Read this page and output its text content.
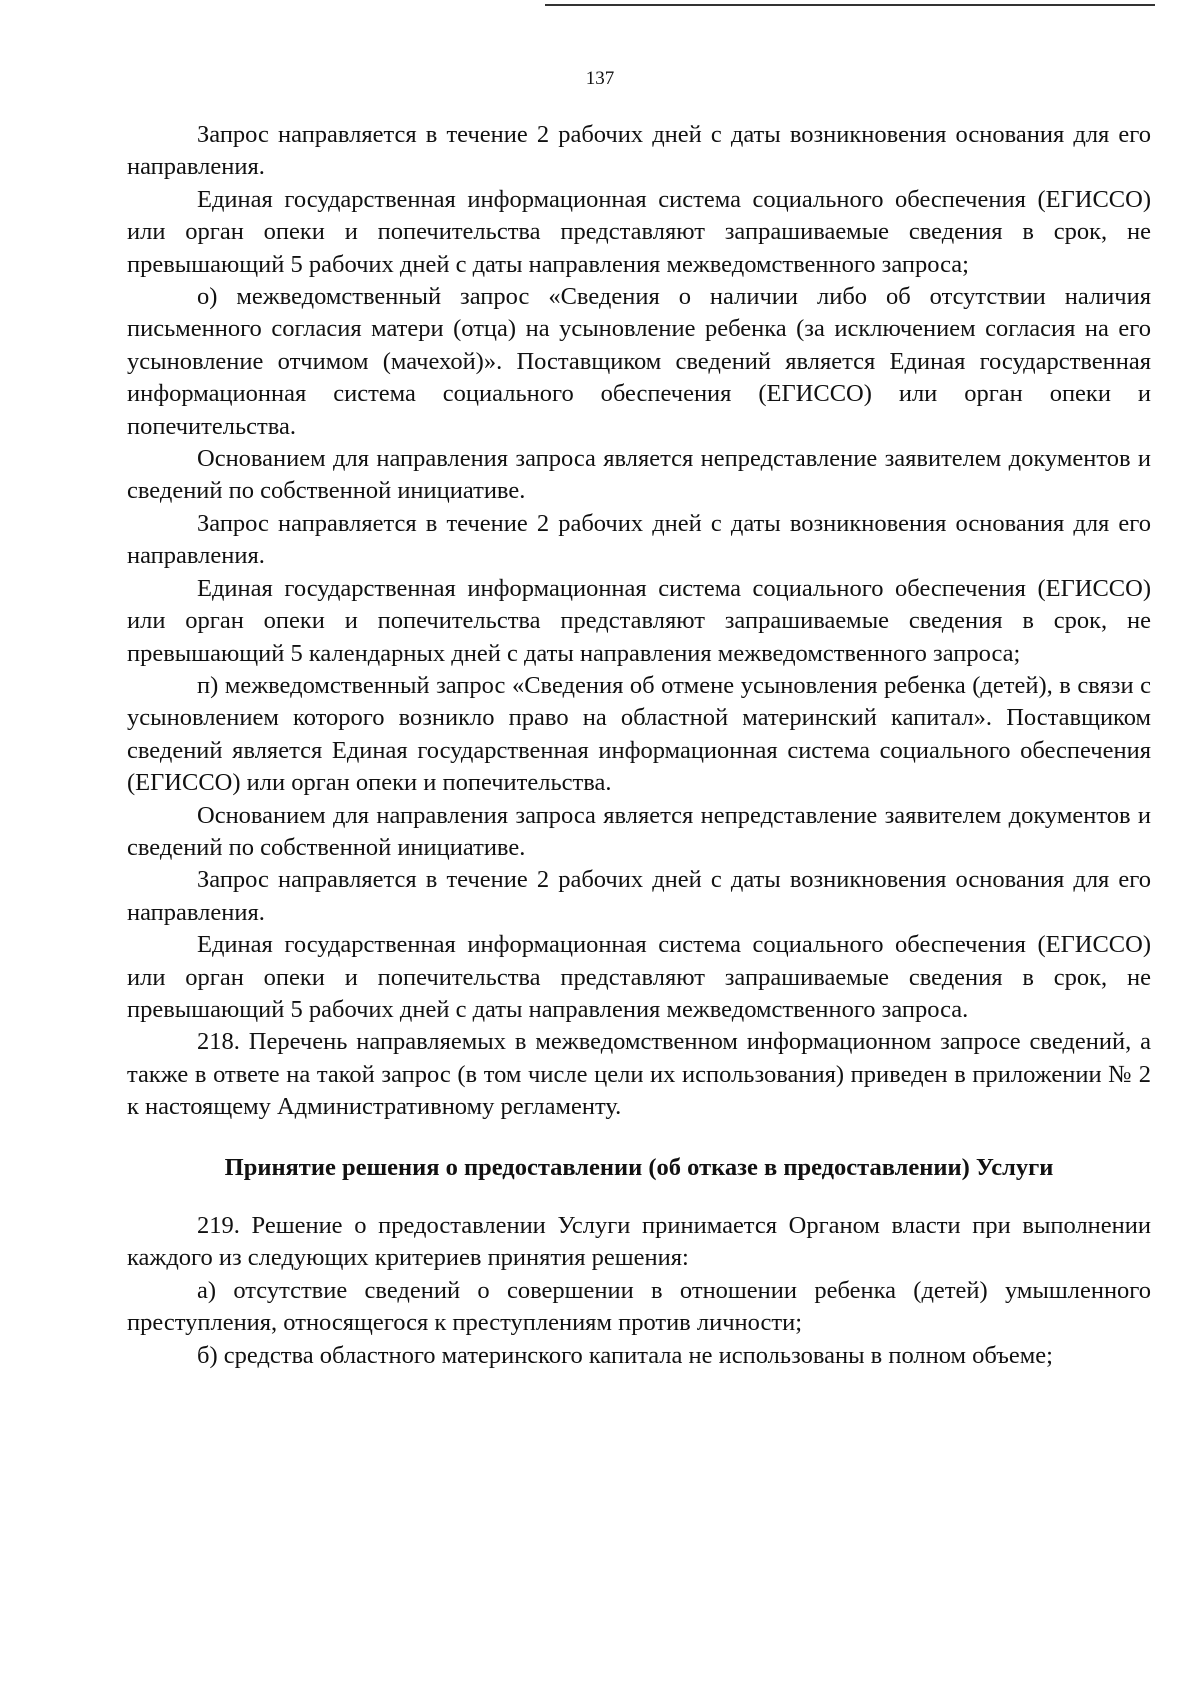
137

Запрос направляется в течение 2 рабочих дней с даты возникновения основания для его направления.

Единая государственная информационная система социального обеспечения (ЕГИССО) или орган опеки и попечительства представляют запрашиваемые сведения в срок, не превышающий 5 рабочих дней с даты направления межведомственного запроса;

о) межведомственный запрос «Сведения о наличии либо об отсутствии наличия письменного согласия матери (отца) на усыновление ребенка (за исключением согласия на его усыновление отчимом (мачехой)». Поставщиком сведений является Единая государственная информационная система социального обеспечения (ЕГИССО) или орган опеки и попечительства.

Основанием для направления запроса является непредставление заявителем документов и сведений по собственной инициативе.

Запрос направляется в течение 2 рабочих дней с даты возникновения основания для его направления.

Единая государственная информационная система социального обеспечения (ЕГИССО) или орган опеки и попечительства представляют запрашиваемые сведения в срок, не превышающий 5 календарных дней с даты направления межведомственного запроса;

п) межведомственный запрос «Сведения об отмене усыновления ребенка (детей), в связи с усыновлением которого возникло право на областной материнский капитал». Поставщиком сведений является Единая государственная информационная система социального обеспечения (ЕГИССО) или орган опеки и попечительства.

Основанием для направления запроса является непредставление заявителем документов и сведений по собственной инициативе.

Запрос направляется в течение 2 рабочих дней с даты возникновения основания для его направления.

Единая государственная информационная система социального обеспечения (ЕГИССО) или орган опеки и попечительства представляют запрашиваемые сведения в срок, не превышающий 5 рабочих дней с даты направления межведомственного запроса.

218. Перечень направляемых в межведомственном информационном запросе сведений, а также в ответе на такой запрос (в том числе цели их использования) приведен в приложении № 2 к настоящему Административному регламенту.

Принятие решения о предоставлении (об отказе в предоставлении) Услуги

219. Решение о предоставлении Услуги принимается Органом власти при выполнении каждого из следующих критериев принятия решения:

а) отсутствие сведений о совершении в отношении ребенка (детей) умышленного преступления, относящегося к преступлениям против личности;

б) средства областного материнского капитала не использованы в полном объеме;
